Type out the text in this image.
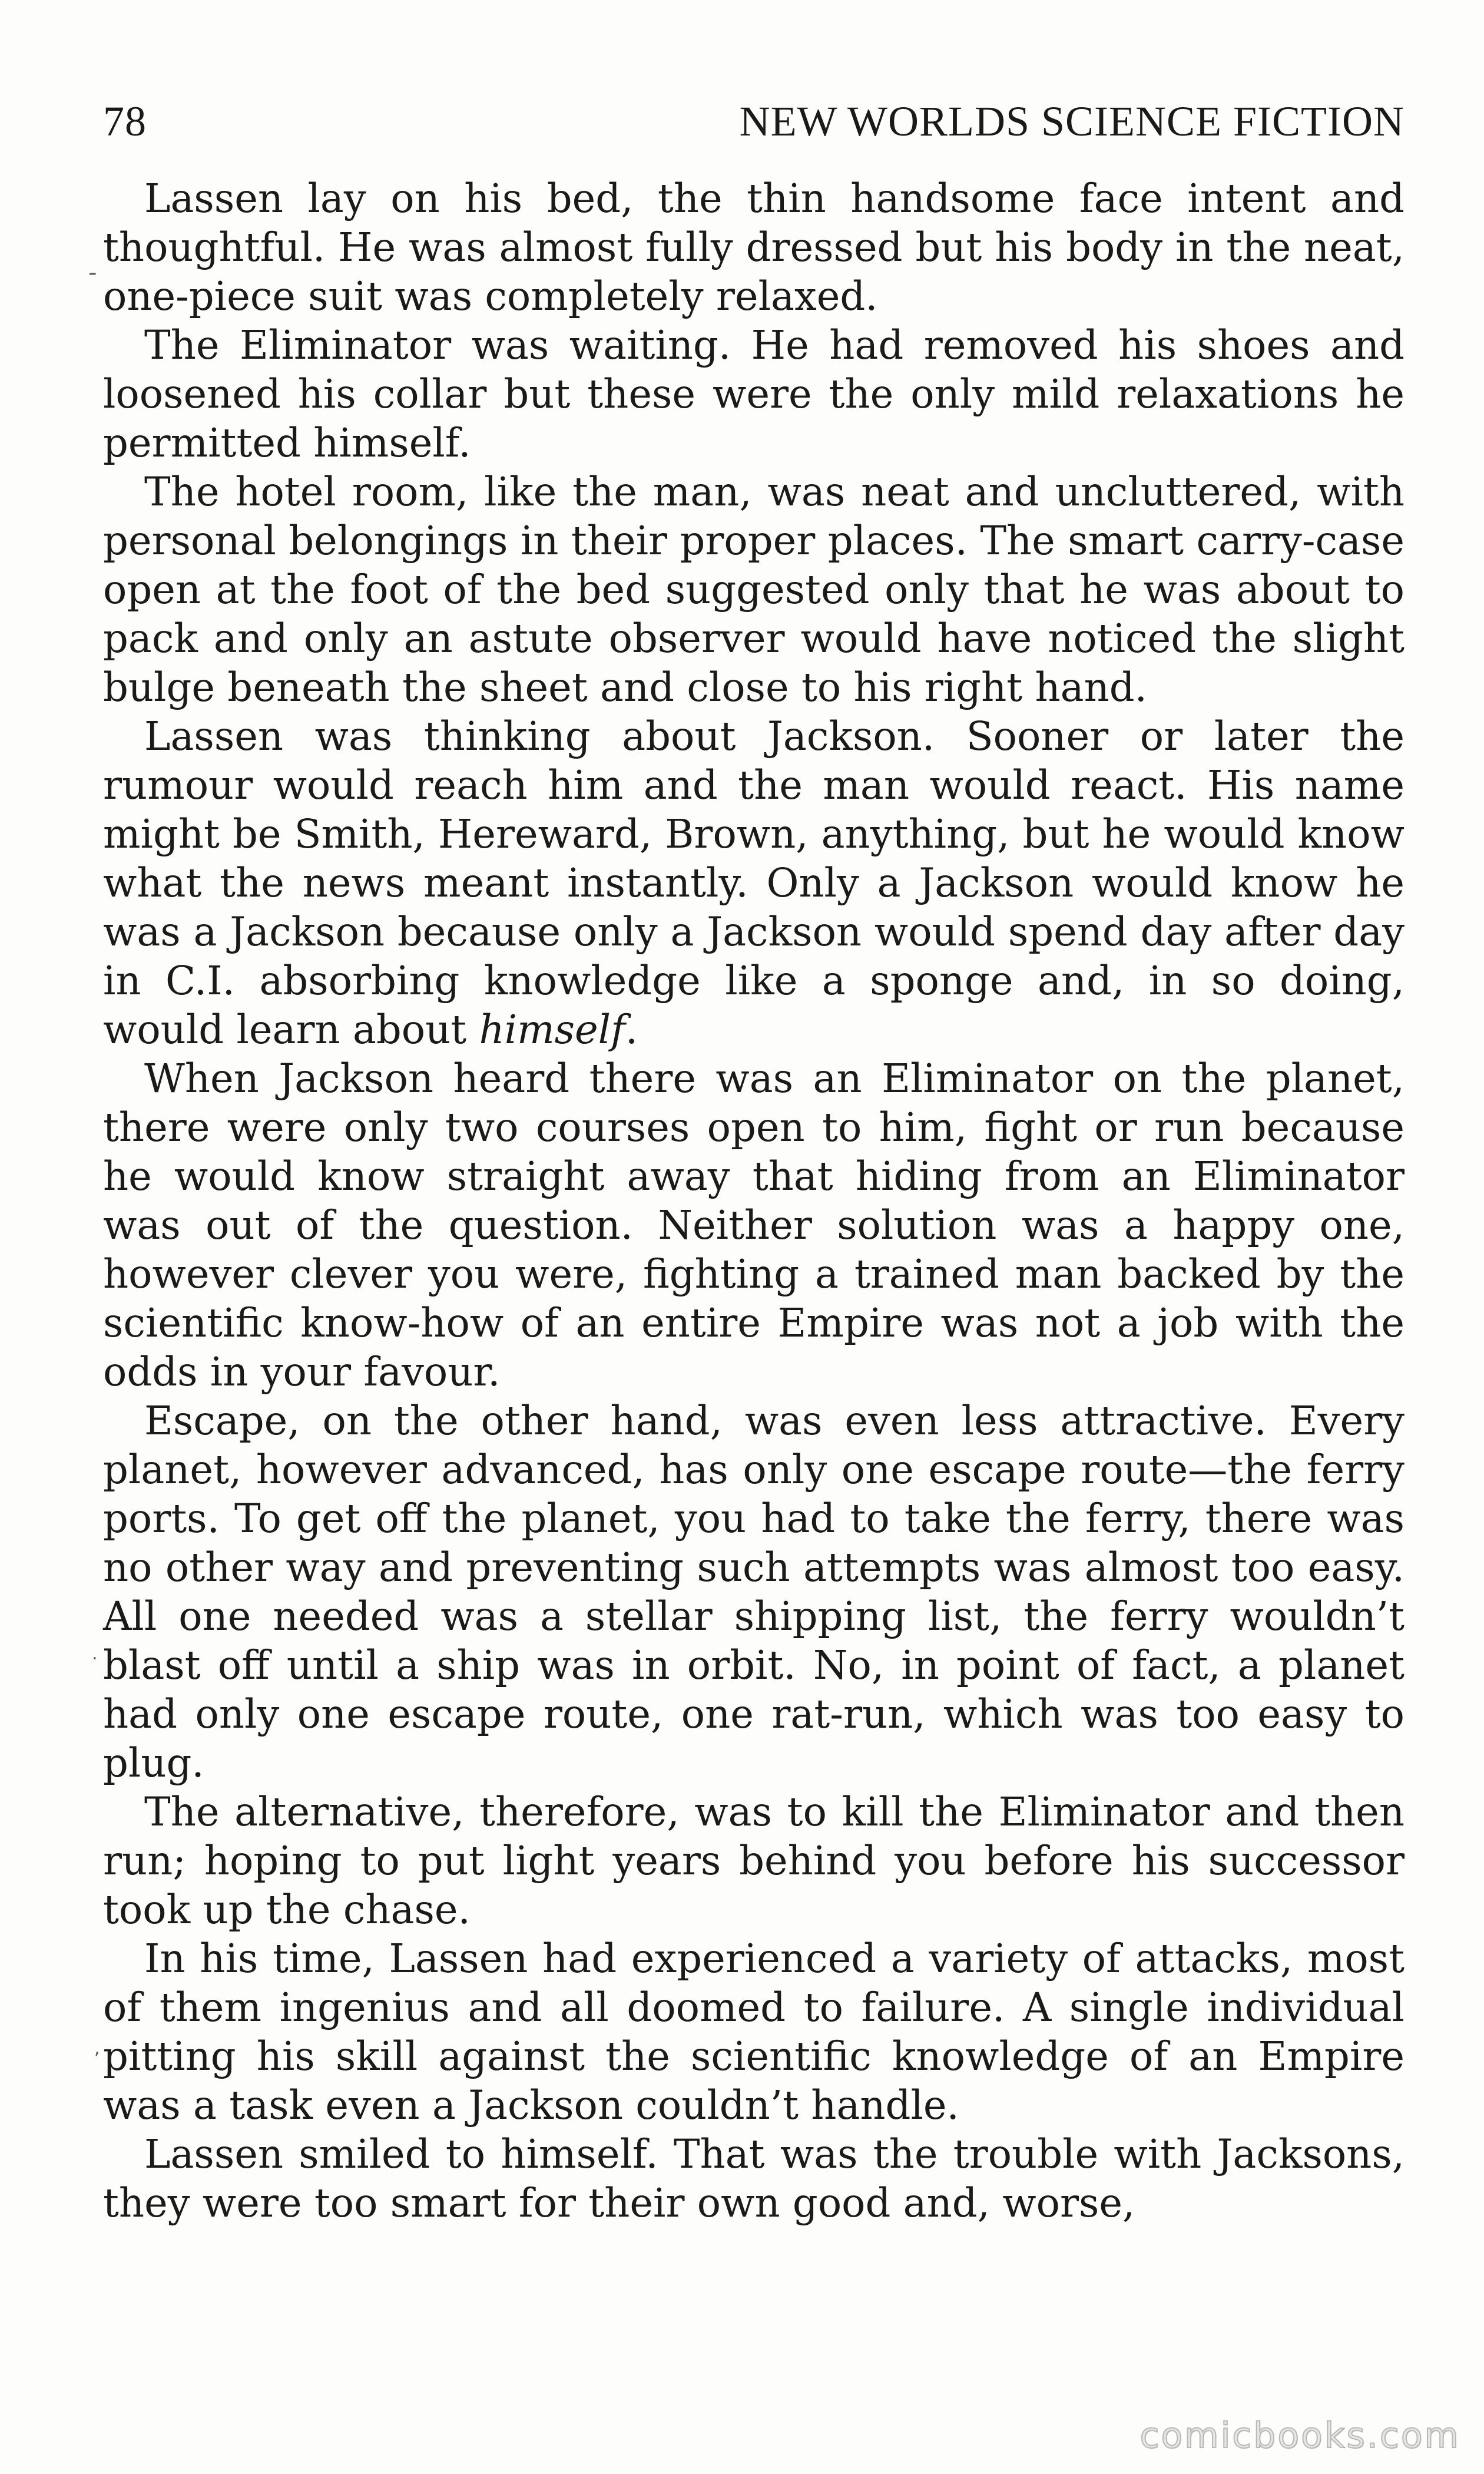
78	NEW WORLDS SCIENCE FICTION

Lassen lay on his bed, the thin handsome face intent and thoughtful. He was almost fully dressed but his body in the neat, one-piece suit was completely relaxed.

The Eliminator was waiting. He had removed his shoes and loosened his collar but these were the only mild relaxations he permitted himself.

The hotel room, like the man, was neat and uncluttered, with personal belongings in their proper places. The smart carry-case open at the foot of the bed suggested only that he was about to pack and only an astute observer would have noticed the slight bulge beneath the sheet and close to his right hand.

Lassen was thinking about Jackson. Sooner or later the rumour would reach him and the man would react. His name might be Smith, Hereward, Brown, anything, but he would know what the news meant instantly. Only a Jackson would know he was a Jackson because only a Jackson would spend day after day in C.I. absorbing knowledge like a sponge and, in so doing, would learn about himself.

When Jackson heard there was an Eliminator on the planet, there were only two courses open to him, fight or run because he would know straight away that hiding from an Eliminator was out of the question. Neither solution was a happy one, however clever you were, fighting a trained man backed by the scientific know-how of an entire Empire was not a job with the odds in your favour.

Escape, on the other hand, was even less attractive. Every planet, however advanced, has only one escape route—the ferry ports. To get off the planet, you had to take the ferry, there was no other way and preventing such attempts was almost too easy. All one needed was a stellar shipping list, the ferry wouldn’t blast off until a ship was in orbit. No, in point of fact, a planet had only one escape route, one rat-run, which was too easy to plug.

The alternative, therefore, was to kill the Eliminator and then run; hoping to put light years behind you before his successor took up the chase.

In his time, Lassen had experienced a variety of attacks, most of them ingenius and all doomed to failure. A single individual pitting his skill against the scientific knowledge of an Empire was a task even a Jackson couldn’t handle.

Lassen smiled to himself. That was the trouble with Jacksons, they were too smart for their own good and, worse,

-
.
,
comicbooks.com
